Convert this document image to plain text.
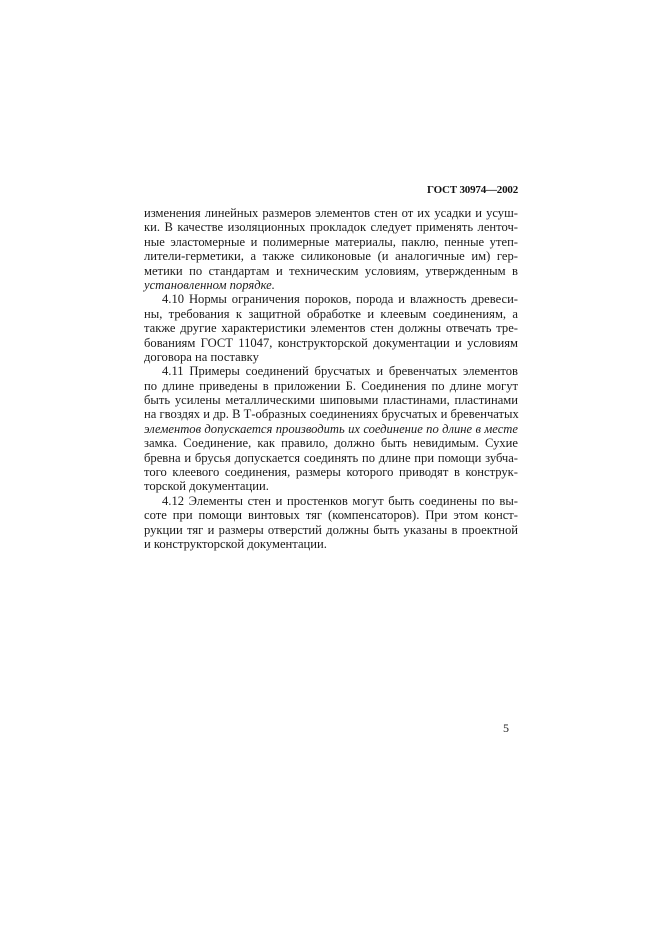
ГОСТ 30974—2002
изменения линейных размеров элементов стен от их усадки и усуш-
ки. В качестве изоляционных прокладок следует применять ленточ-
ные эластомерные и полимерные материалы, паклю, пенные утеп-
лители-герметики, а также силиконовые (и аналогичные им) гер-
метики по стандартам и техническим условиям, утвержденным в
установленном порядке.
4.10 Нормы ограничения пороков, порода и влажность древеси-
ны, требования к защитной обработке и клеевым соединениям, а
также другие характеристики элементов стен должны отвечать тре-
бованиям ГОСТ 11047, конструкторской документации и условиям
договора на поставку
4.11 Примеры соединений брусчатых и бревенчатых элементов
по длине приведены в приложении Б. Соединения по длине могут
быть усилены металлическими шиповыми пластинами, пластинами
на гвоздях и др. В Т-образных соединениях брусчатых и бревенчатых
элементов допускается производить их соединение по длине в месте
замка. Соединение, как правило, должно быть невидимым. Сухие
бревна и брусья допускается соединять по длине при помощи зубча-
того клеевого соединения, размеры которого приводят в конструк-
торской документации.
4.12 Элементы стен и простенков могут быть соединены по вы-
соте при помощи винтовых тяг (компенсаторов). При этом конст-
рукции тяг и размеры отверстий должны быть указаны в проектной
и конструкторской документации.
5
